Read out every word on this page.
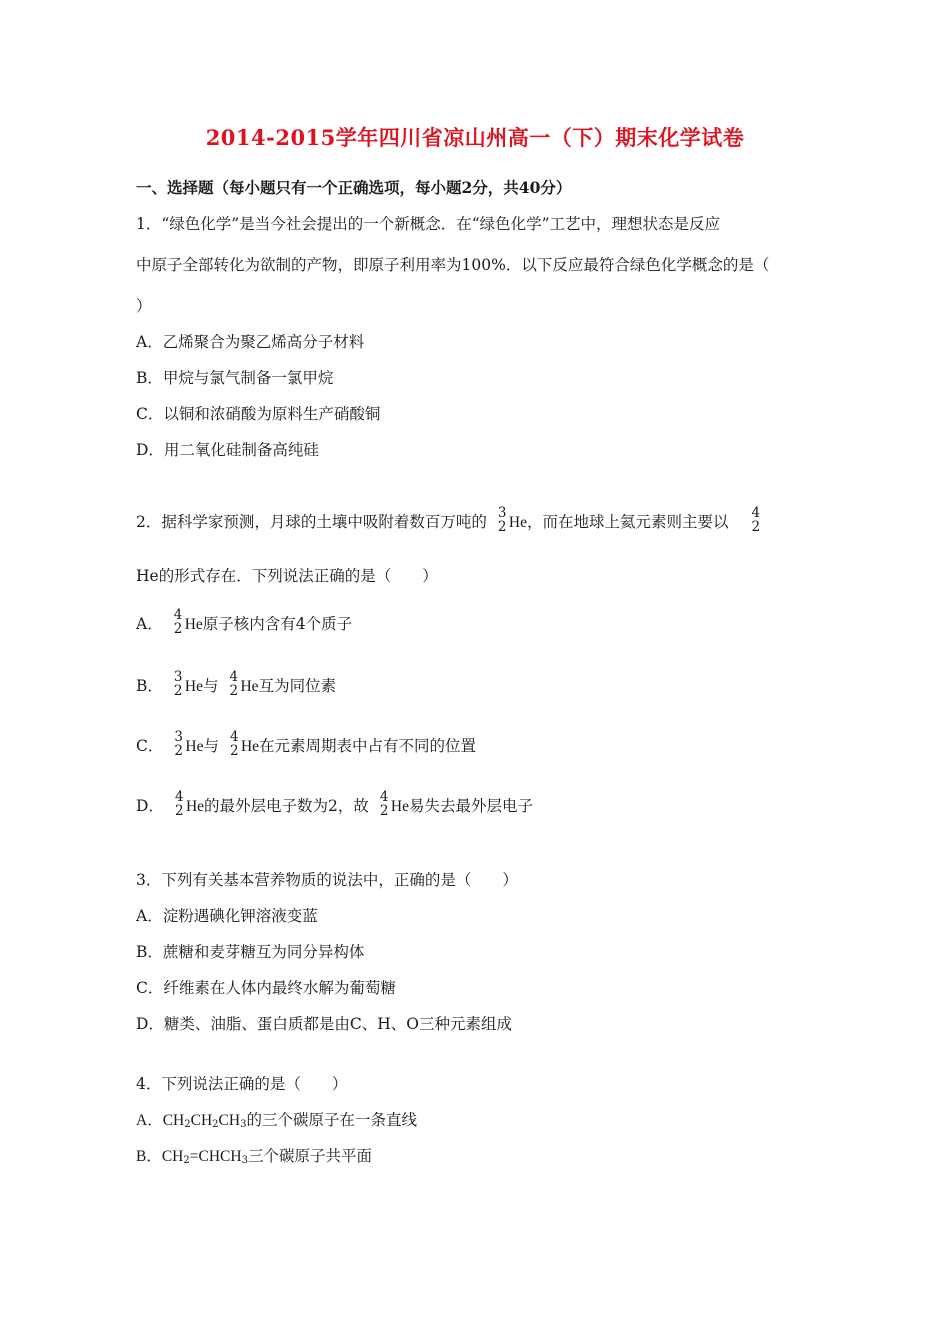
2014-2015学年四川省凉山州高一（下）期末化学试卷
一、选择题（每小题只有一个正确选项，每小题2分，共40分）
1．“绿色化学”是当今社会提出的一个新概念．在“绿色化学”工艺中，理想状态是反应
中原子全部转化为欲制的产物，即原子利用率为100%．以下反应最符合绿色化学概念的是（
）
A．乙烯聚合为聚乙烯高分子材料
B．甲烷与氯气制备一氯甲烷
C．以铜和浓硝酸为原料生产硝酸铜
D．用二氧化硅制备高纯硅
2．据科学家预测，月球的土壤中吸附着数百万吨的 3
2 He，而在地球上氦元素则主要以 4
2
He的形式存在．下列说法正确的是（　　）
A． 4
2 He原子核内含有4个质子
B． 3
2 He与 4
2 He互为同位素
C． 3
2 He与 4
2 He在元素周期表中占有不同的位置
D． 4
2 He的最外层电子数为2，故 4
2 He易失去最外层电子
3．下列有关基本营养物质的说法中，正确的是（　　）
A．淀粉遇碘化钾溶液变蓝
B．蔗糖和麦芽糖互为同分异构体
C．纤维素在人体内最终水解为葡萄糖
D．糖类、油脂、蛋白质都是由C、H、O三种元素组成
4．下列说法正确的是（　　）
A．$CH_2CH_2CH_3$的三个碳原子在一条直线
B．$CH_2=CHCH_3$三个碳原子共平面
